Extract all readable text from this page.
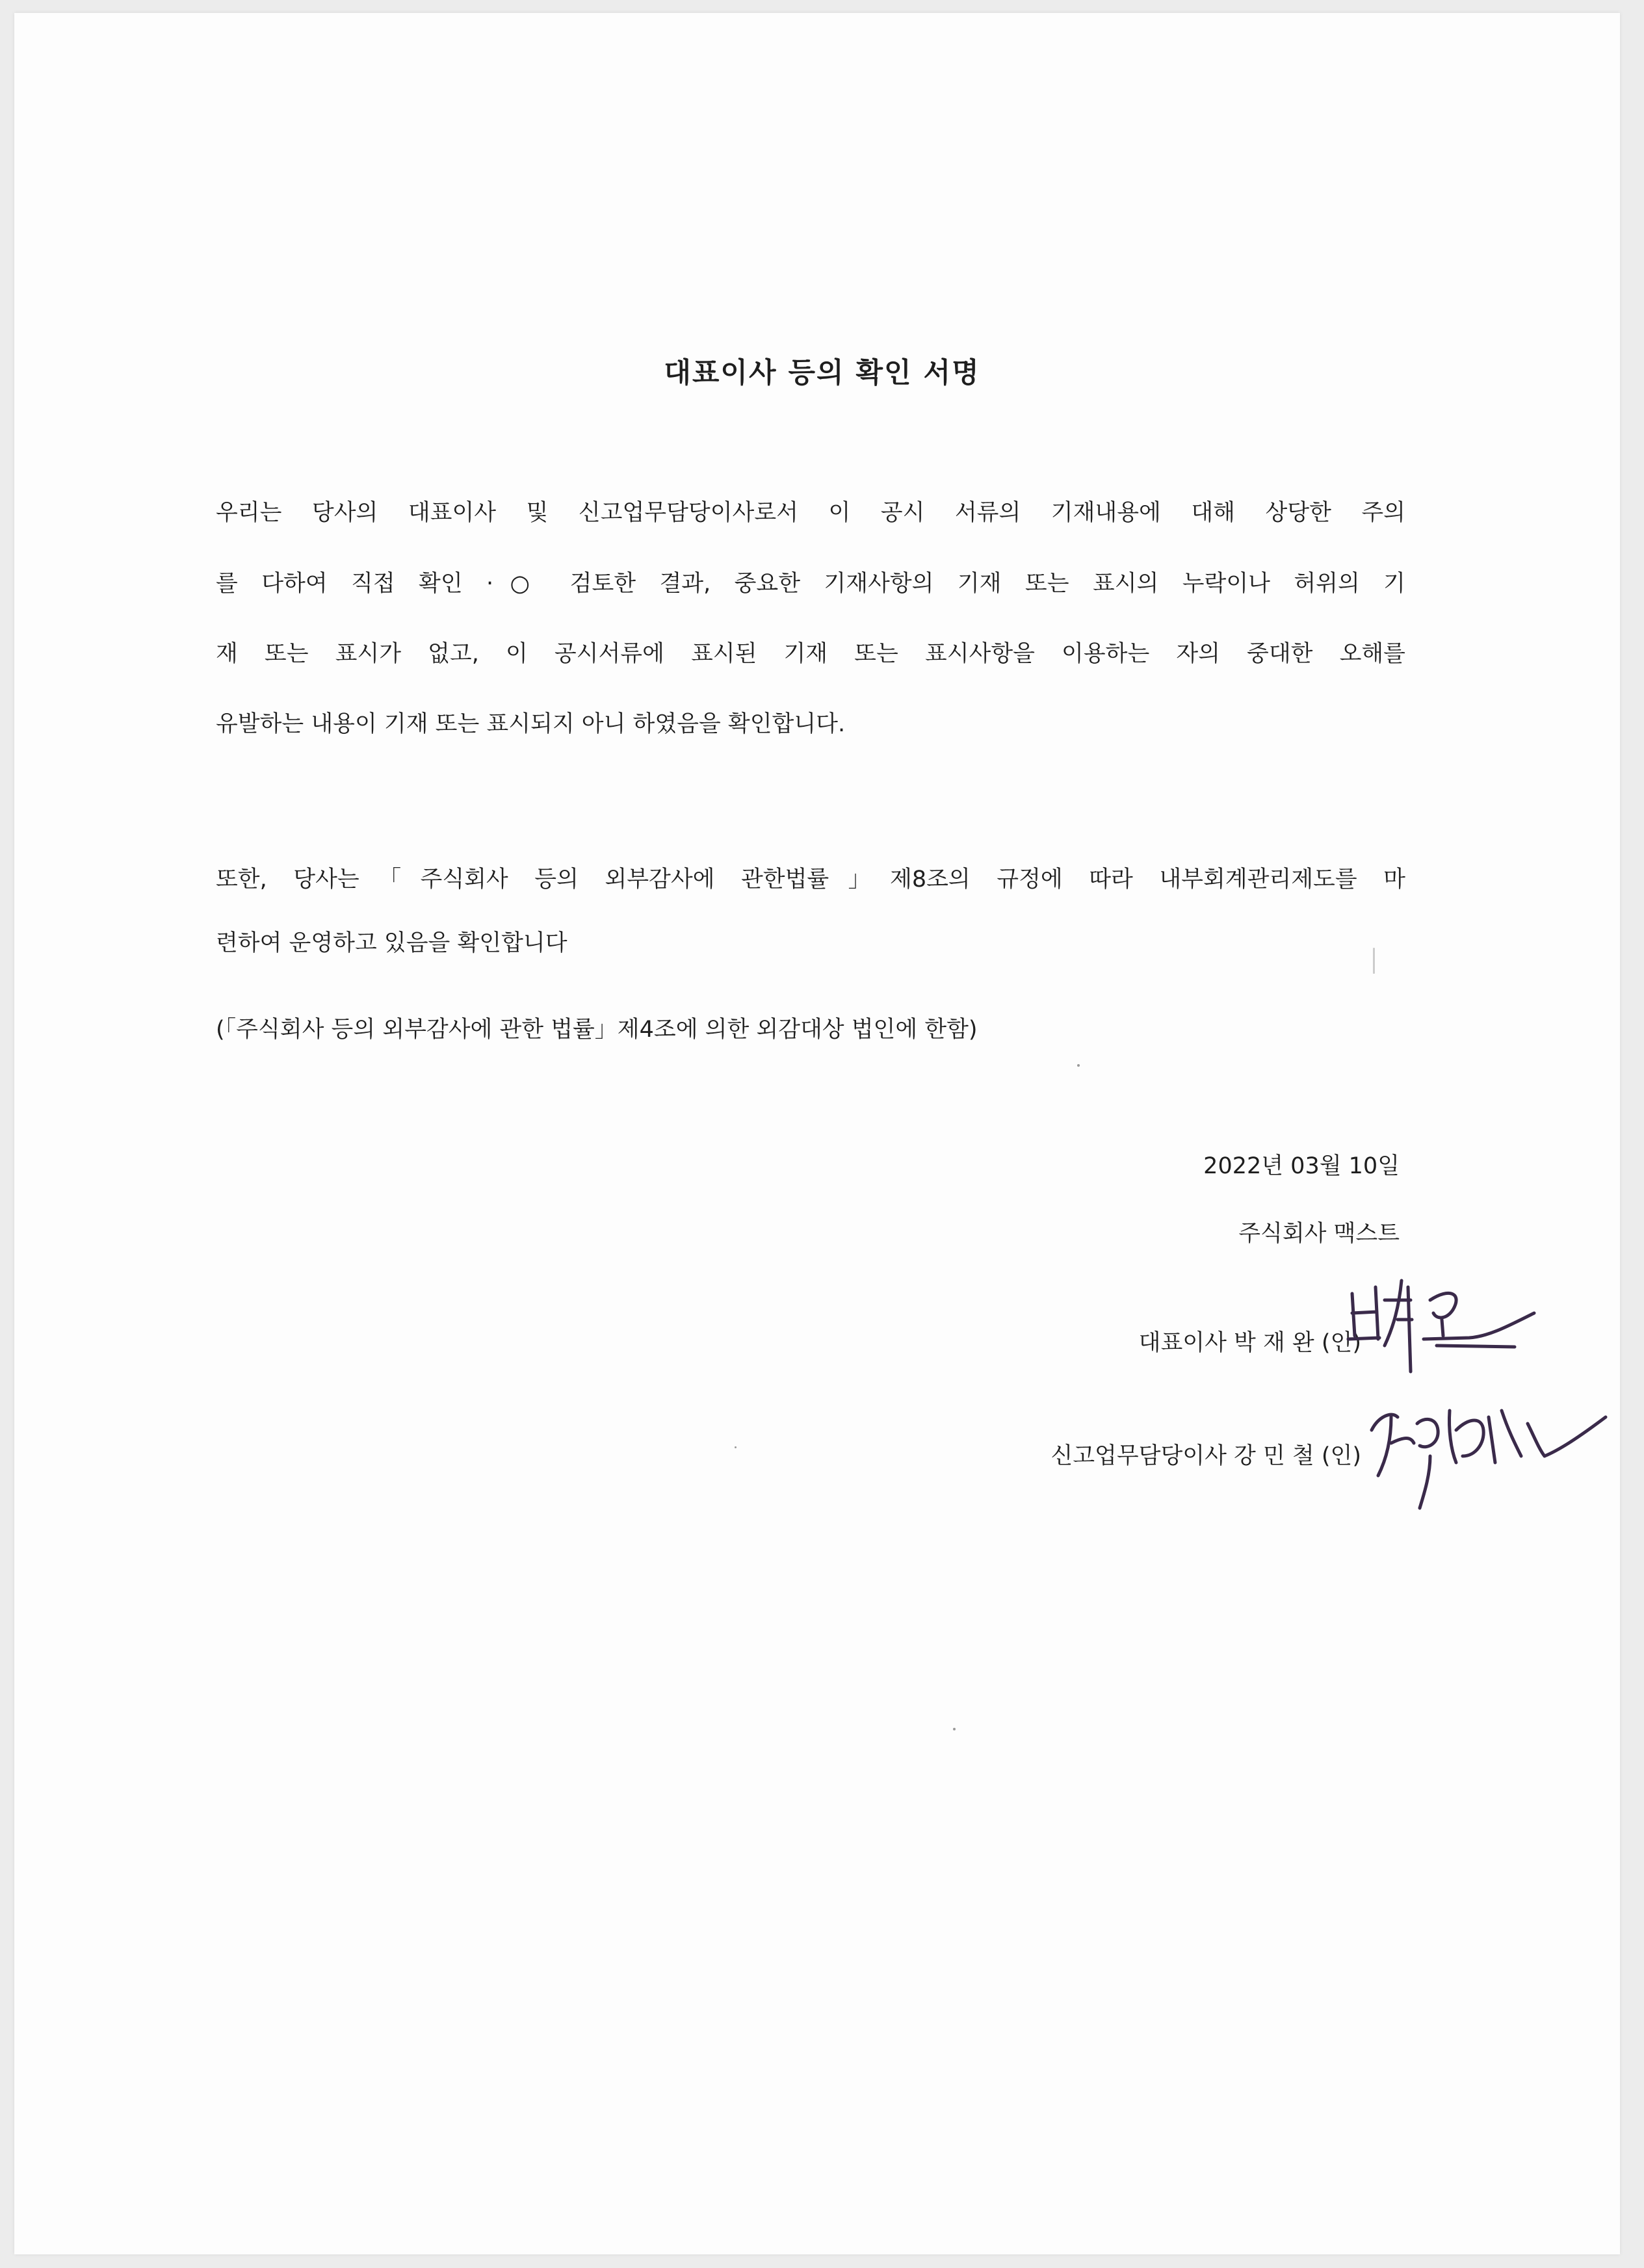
대표이사 등의 확인 서명
우리는 당사의 대표이사 및 신고업무담당이사로서 이 공시 서류의 기재내용에 대해 상당한 주의
를 다하여 직접 확인 ·○ 검토한 결과, 중요한 기재사항의 기재 또는 표시의 누락이나 허위의 기
재 또는 표시가 없고, 이 공시서류에 표시된 기재 또는 표시사항을 이용하는 자의 중대한 오해를
유발하는 내용이 기재 또는 표시되지 아니 하였음을 확인합니다.
또한, 당사는「주식회사 등의 외부감사에 관한법률」제8조의 규정에 따라 내부회계관리제도를 마
련하여 운영하고 있음을 확인합니다
(「주식회사 등의 외부감사에 관한 법률」제4조에 의한 외감대상 법인에 한함)
2022년 03월 10일
주식회사 맥스트
대표이사 박 재 완 (인)
신고업무담당이사 강 민 철 (인)
